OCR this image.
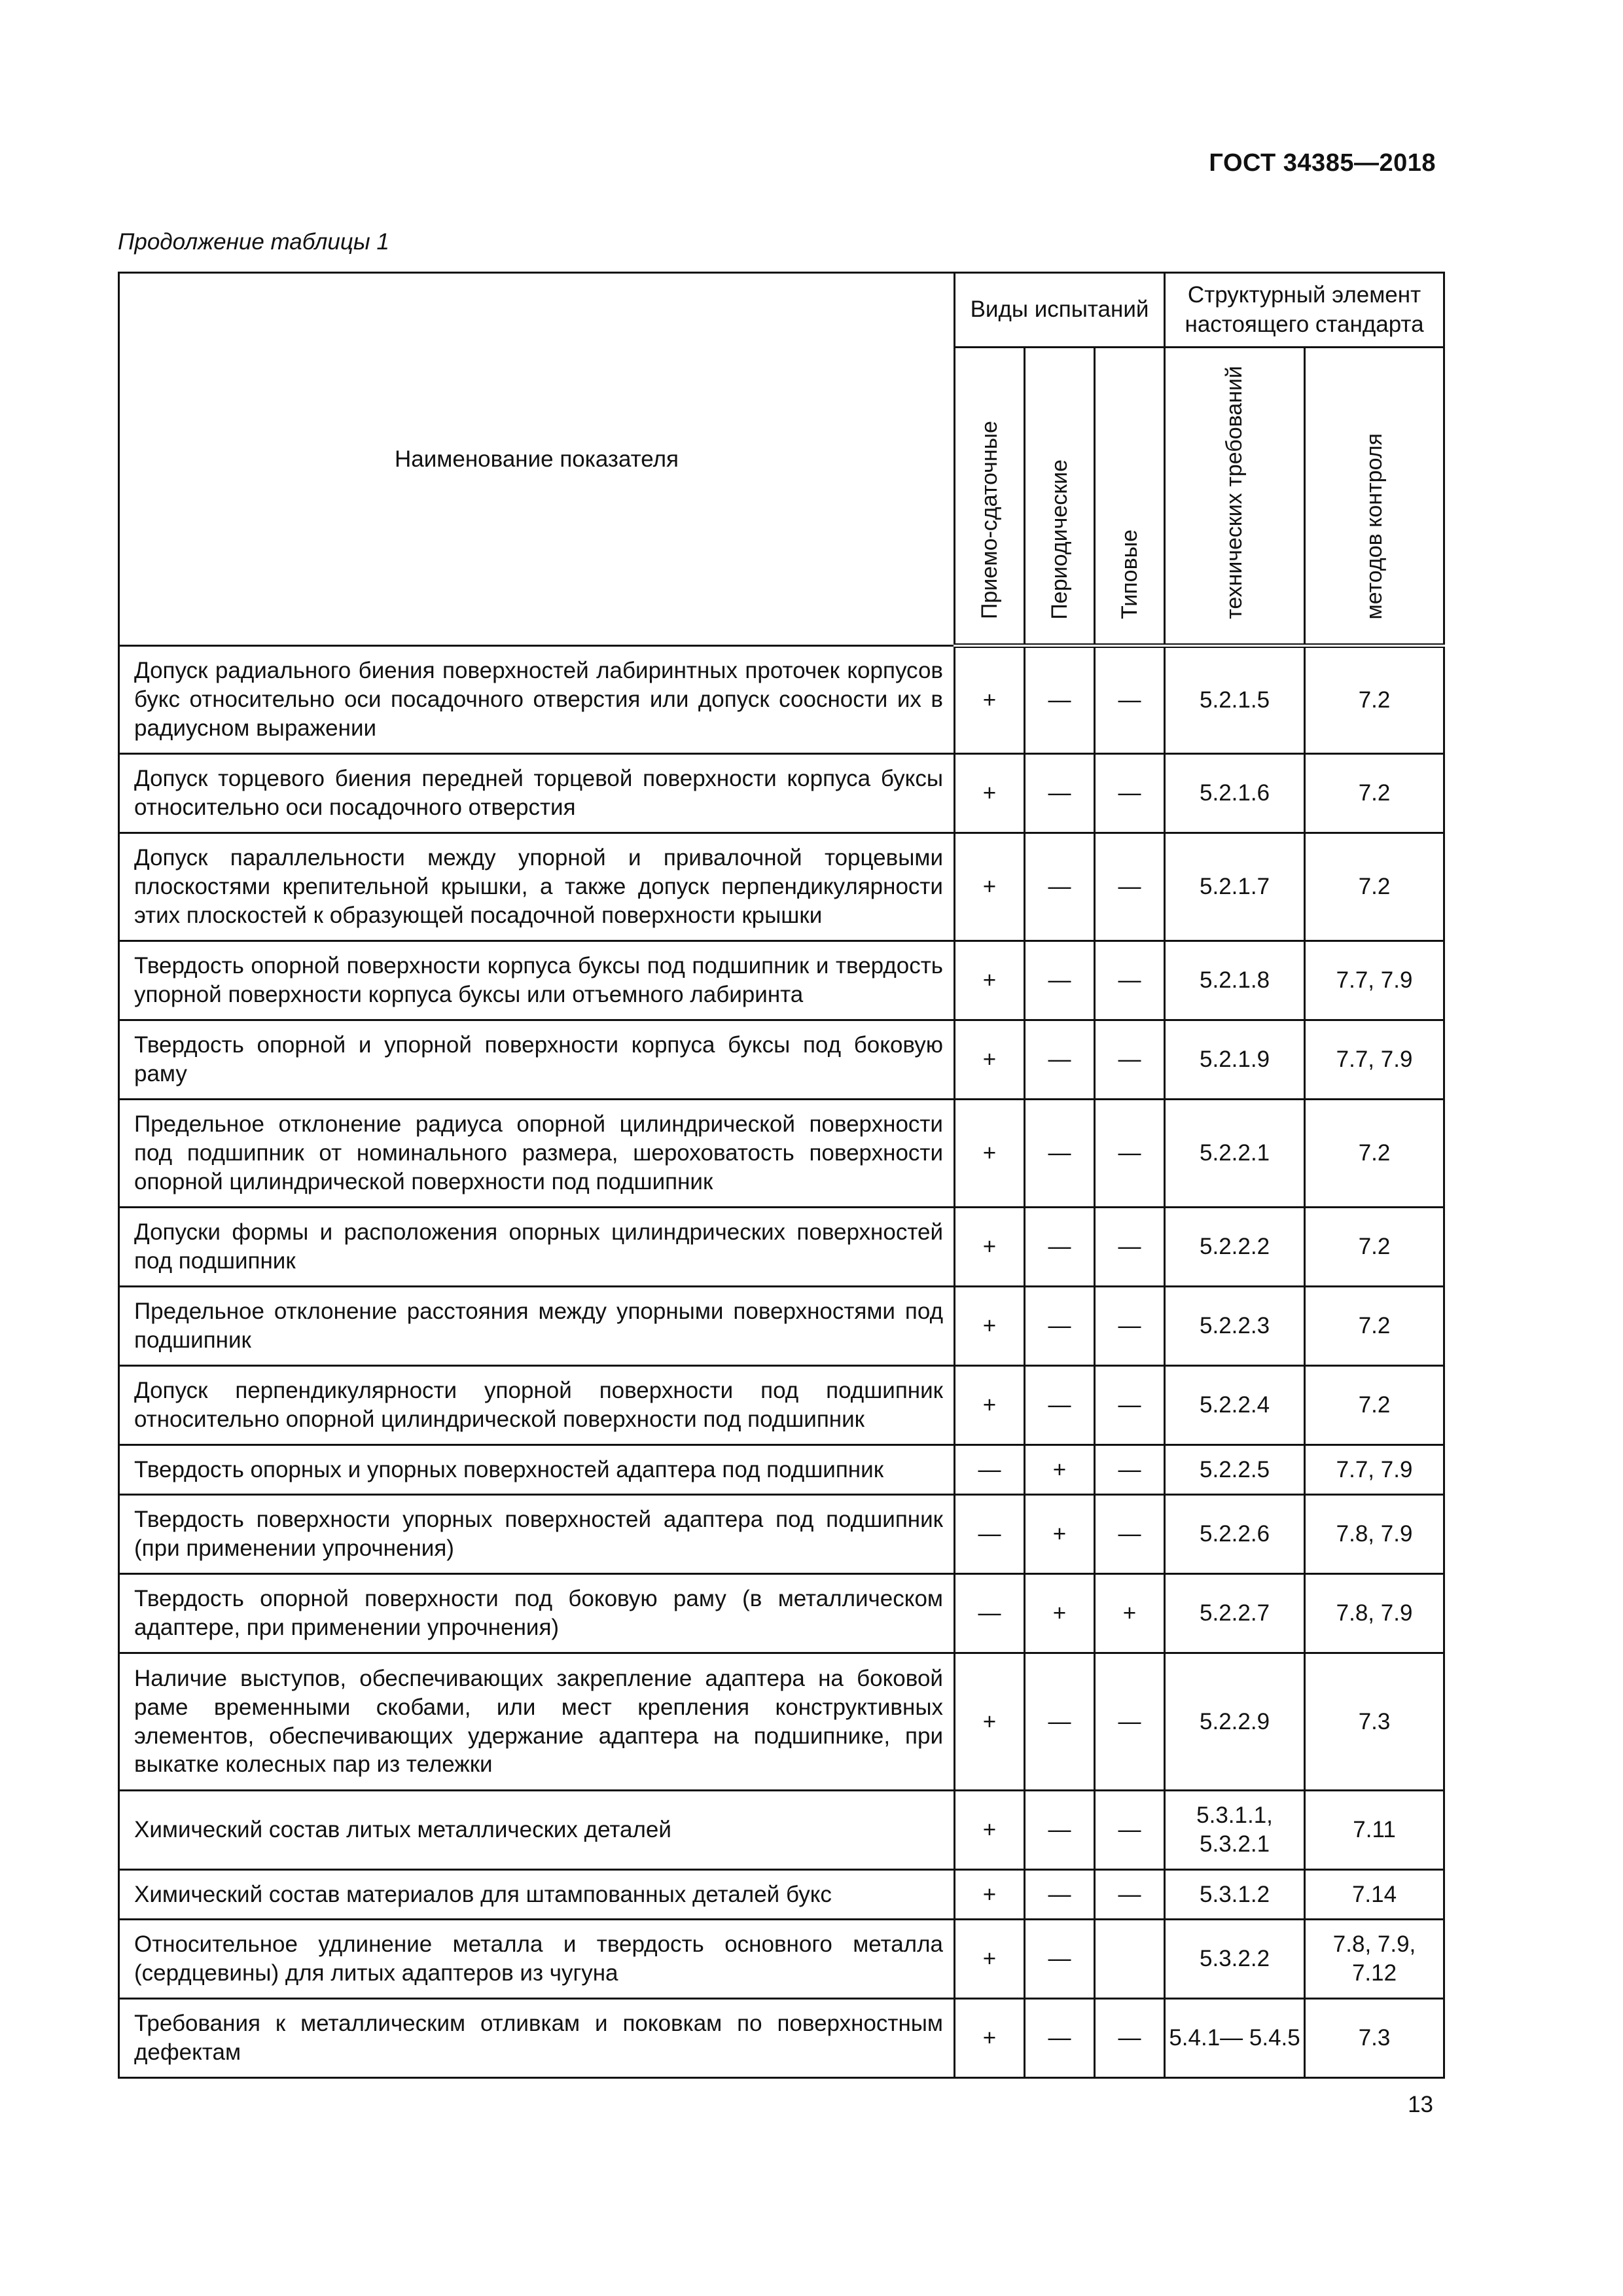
ГОСТ 34385—2018
Продолжение таблицы 1
Наименование показателя	Виды испытаний			Структурный элемент настоящего стандарта	
	Приемо-сдаточные	Периодические	Типовые	технических требований	методов контроля
Допуск радиального биения поверхностей лабиринтных проточек корпусов букс относительно оси посадочного отверстия или допуск соосности их в радиусном выражении	+	—	—	5.2.1.5	7.2
Допуск торцевого биения передней торцевой поверхности корпуса буксы относительно оси посадочного отверстия	+	—	—	5.2.1.6	7.2
Допуск параллельности между упорной и привалочной торцевыми плоскостями крепительной крышки, а также допуск перпендикулярности этих плоскостей к образующей посадочной поверхности крышки	+	—	—	5.2.1.7	7.2
Твердость опорной поверхности корпуса буксы под подшипник и твердость упорной поверхности корпуса буксы или отъемного лабиринта	+	—	—	5.2.1.8	7.7, 7.9
Твердость опорной и упорной поверхности корпуса буксы под боковую раму	+	—	—	5.2.1.9	7.7, 7.9
Предельное отклонение радиуса опорной цилиндрической поверхности под подшипник от номинального размера, шероховатость поверхности опорной цилиндрической поверхности под подшипник	+	—	—	5.2.2.1	7.2
Допуски формы и расположения опорных цилиндрических поверхностей под подшипник	+	—	—	5.2.2.2	7.2
Предельное отклонение расстояния между упорными поверхностями под подшипник	+	—	—	5.2.2.3	7.2
Допуск перпендикулярности упорной поверхности под подшипник относительно опорной цилиндрической поверхности под подшипник	+	—	—	5.2.2.4	7.2
Твердость опорных и упорных поверхностей адаптера под подшипник	—	+	—	5.2.2.5	7.7, 7.9
Твердость поверхности упорных поверхностей адаптера под подшипник (при применении упрочнения)	—	+	—	5.2.2.6	7.8, 7.9
Твердость опорной поверхности под боковую раму (в металлическом адаптере, при применении упрочнения)	—	+	+	5.2.2.7	7.8, 7.9
Наличие выступов, обеспечивающих закрепление адаптера на боковой раме временными скобами, или мест крепления конструктивных элементов, обеспечивающих удержание адаптера на подшипнике, при выкатке колесных пар из тележки	+	—	—	5.2.2.9	7.3
Химический состав литых металлических деталей	+	—	—	5.3.1.1, 5.3.2.1	7.11
Химический состав материалов для штампованных деталей букс	+	—	—	5.3.1.2	7.14
Относительное удлинение металла и твердость основного металла (сердцевины) для литых адаптеров из чугуна	+	—		5.3.2.2	7.8, 7.9, 7.12
Требования к металлическим отливкам и поковкам по поверхностным дефектам	+	—	—	5.4.1— 5.4.5	7.3
13
